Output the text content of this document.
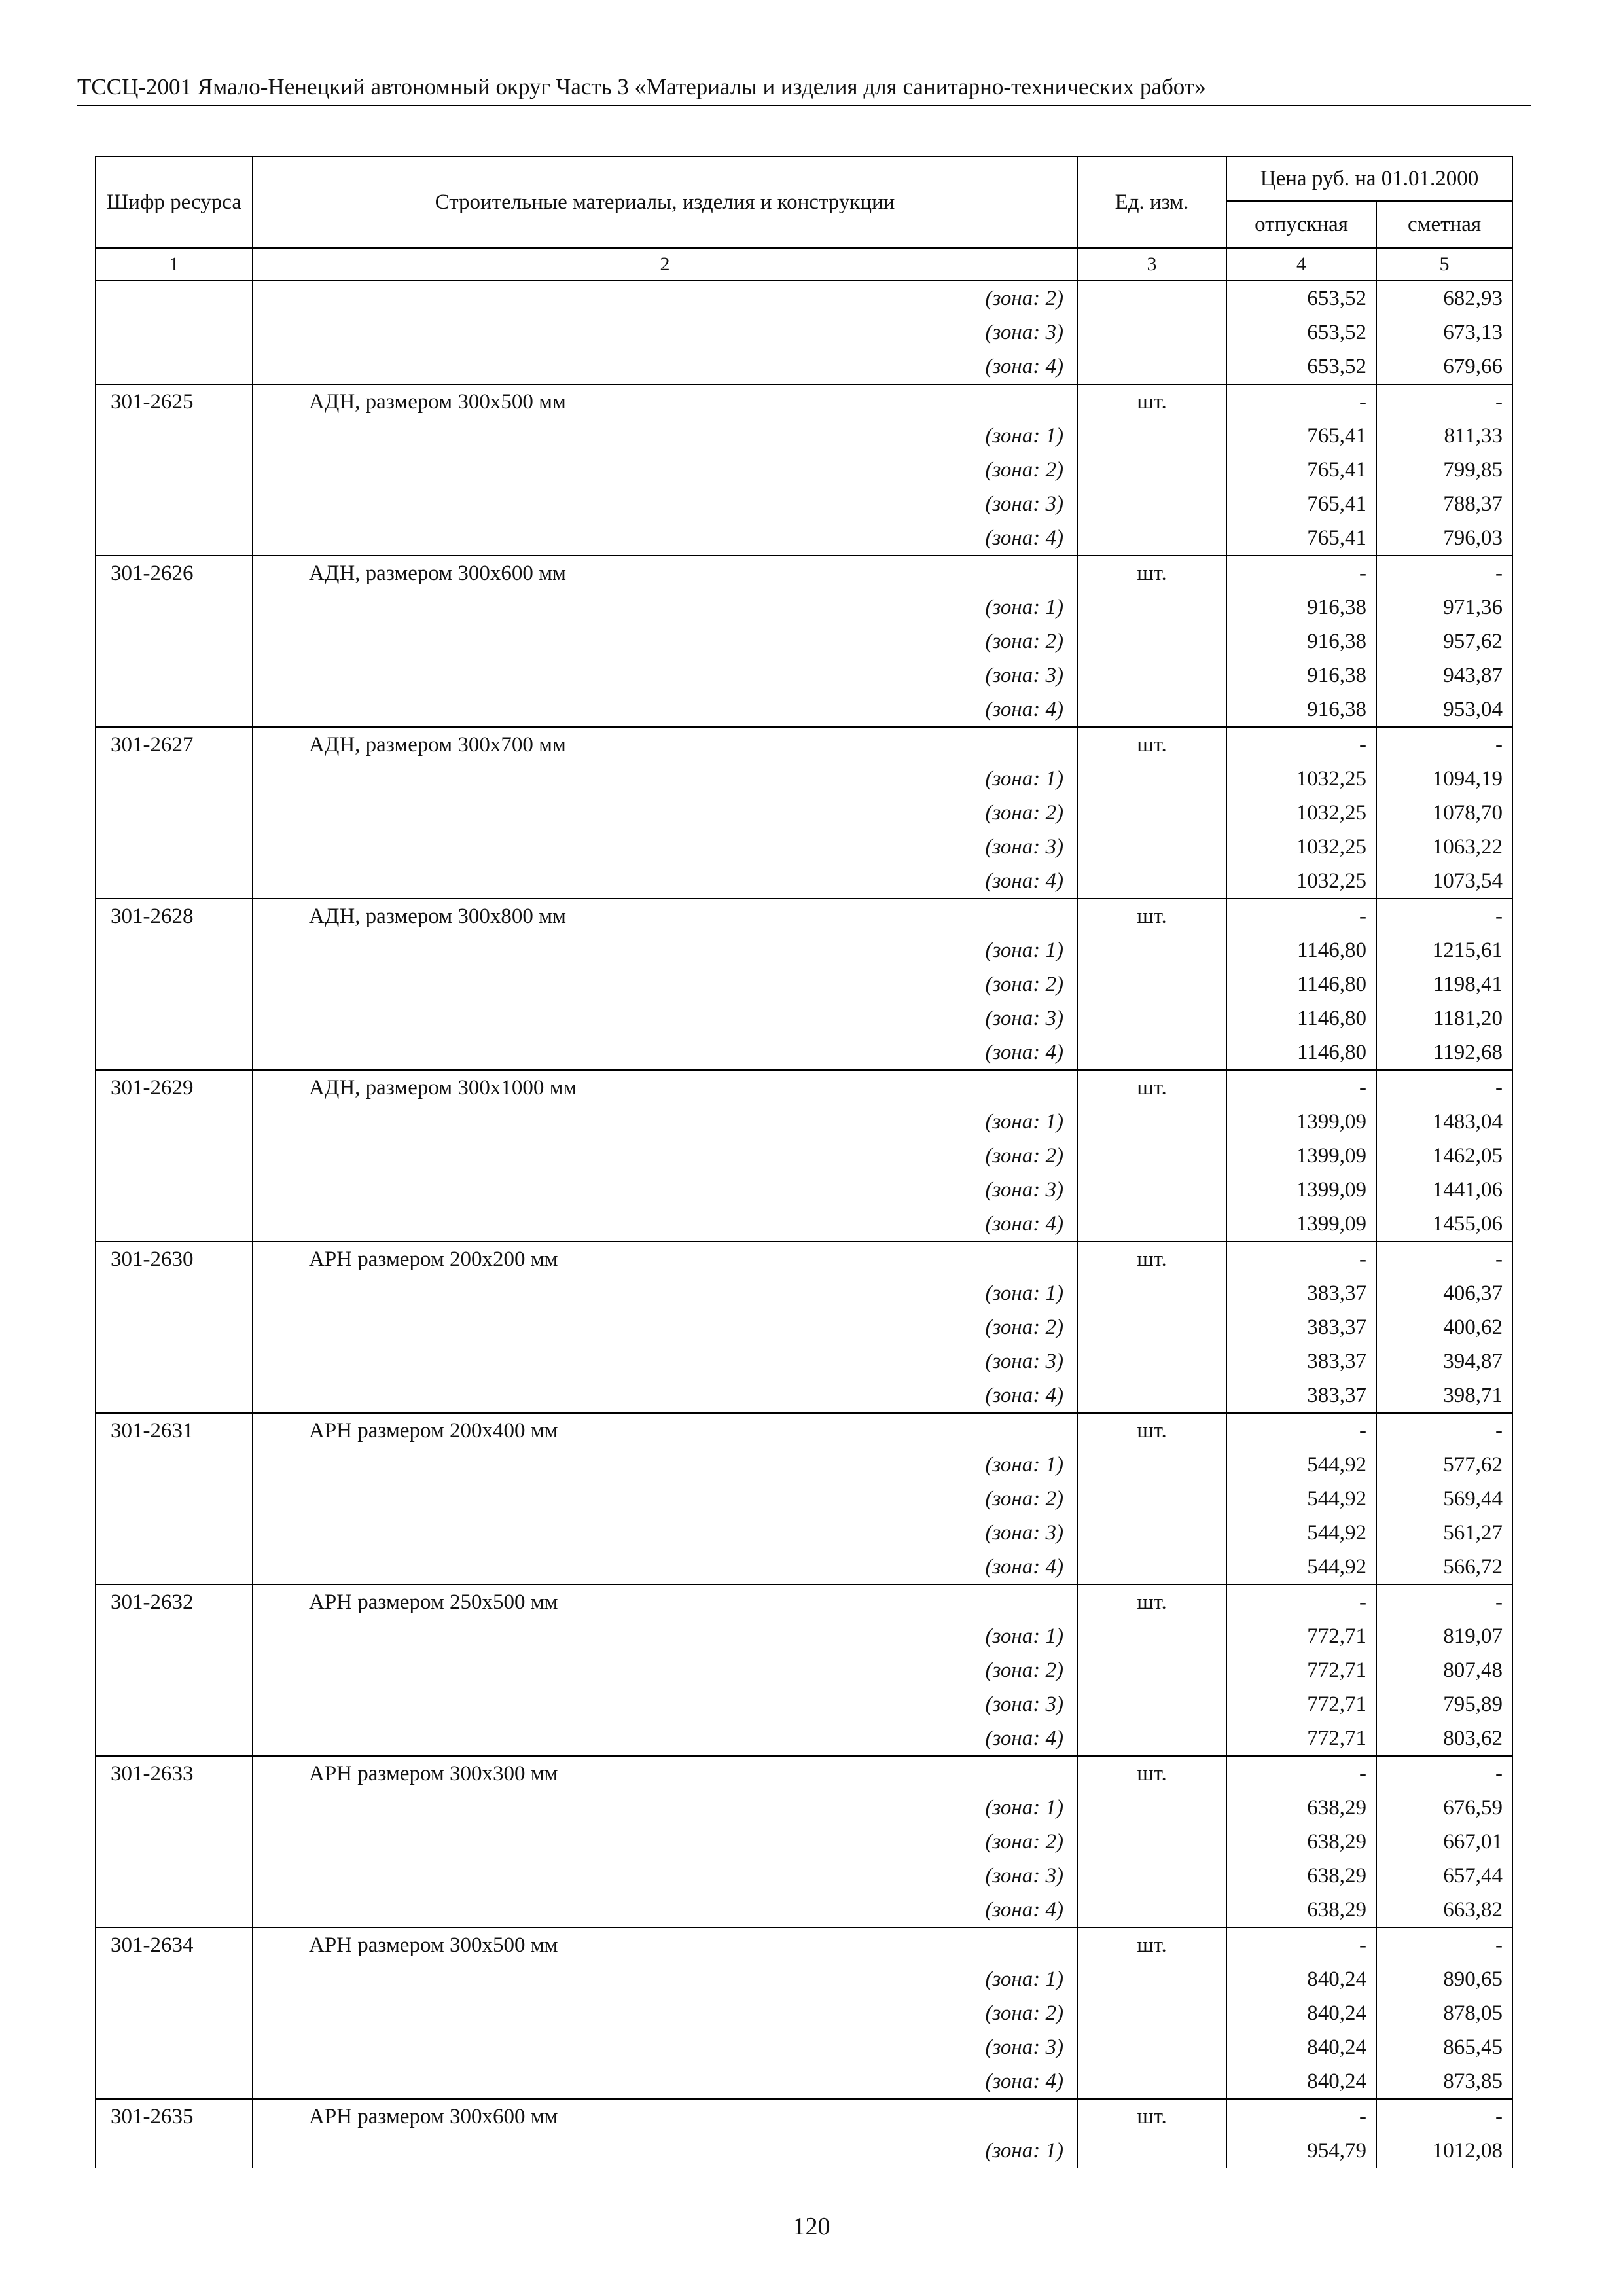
ТССЦ-2001 Ямало-Ненецкий автономный округ Часть 3 «Материалы и изделия для санитарно-технических работ»
Шифр ресурса	Строительные материалы, изделия и конструкции	Ед. изм.	Цена руб. на 01.01.2000	
			отпускная	сметная
1	2	3	4	5
	(зона: 2)		653,52	682,93
	(зона: 3)		653,52	673,13
	(зона: 4)		653,52	679,66
301-2625	АДН, размером 300х500 мм	шт.	-	-
	(зона: 1)		765,41	811,33
	(зона: 2)		765,41	799,85
	(зона: 3)		765,41	788,37
	(зона: 4)		765,41	796,03
301-2626	АДН, размером 300х600 мм	шт.	-	-
	(зона: 1)		916,38	971,36
	(зона: 2)		916,38	957,62
	(зона: 3)		916,38	943,87
	(зона: 4)		916,38	953,04
301-2627	АДН, размером 300х700 мм	шт.	-	-
	(зона: 1)		1032,25	1094,19
	(зона: 2)		1032,25	1078,70
	(зона: 3)		1032,25	1063,22
	(зона: 4)		1032,25	1073,54
301-2628	АДН, размером 300х800 мм	шт.	-	-
	(зона: 1)		1146,80	1215,61
	(зона: 2)		1146,80	1198,41
	(зона: 3)		1146,80	1181,20
	(зона: 4)		1146,80	1192,68
301-2629	АДН, размером 300х1000 мм	шт.	-	-
	(зона: 1)		1399,09	1483,04
	(зона: 2)		1399,09	1462,05
	(зона: 3)		1399,09	1441,06
	(зона: 4)		1399,09	1455,06
301-2630	АРН размером 200х200 мм	шт.	-	-
	(зона: 1)		383,37	406,37
	(зона: 2)		383,37	400,62
	(зона: 3)		383,37	394,87
	(зона: 4)		383,37	398,71
301-2631	АРН размером 200х400 мм	шт.	-	-
	(зона: 1)		544,92	577,62
	(зона: 2)		544,92	569,44
	(зона: 3)		544,92	561,27
	(зона: 4)		544,92	566,72
301-2632	АРН размером 250х500 мм	шт.	-	-
	(зона: 1)		772,71	819,07
	(зона: 2)		772,71	807,48
	(зона: 3)		772,71	795,89
	(зона: 4)		772,71	803,62
301-2633	АРН размером 300х300 мм	шт.	-	-
	(зона: 1)		638,29	676,59
	(зона: 2)		638,29	667,01
	(зона: 3)		638,29	657,44
	(зона: 4)		638,29	663,82
301-2634	АРН размером 300х500 мм	шт.	-	-
	(зона: 1)		840,24	890,65
	(зона: 2)		840,24	878,05
	(зона: 3)		840,24	865,45
	(зона: 4)		840,24	873,85
301-2635	АРН размером 300х600 мм	шт.	-	-
	(зона: 1)		954,79	1012,08
120
